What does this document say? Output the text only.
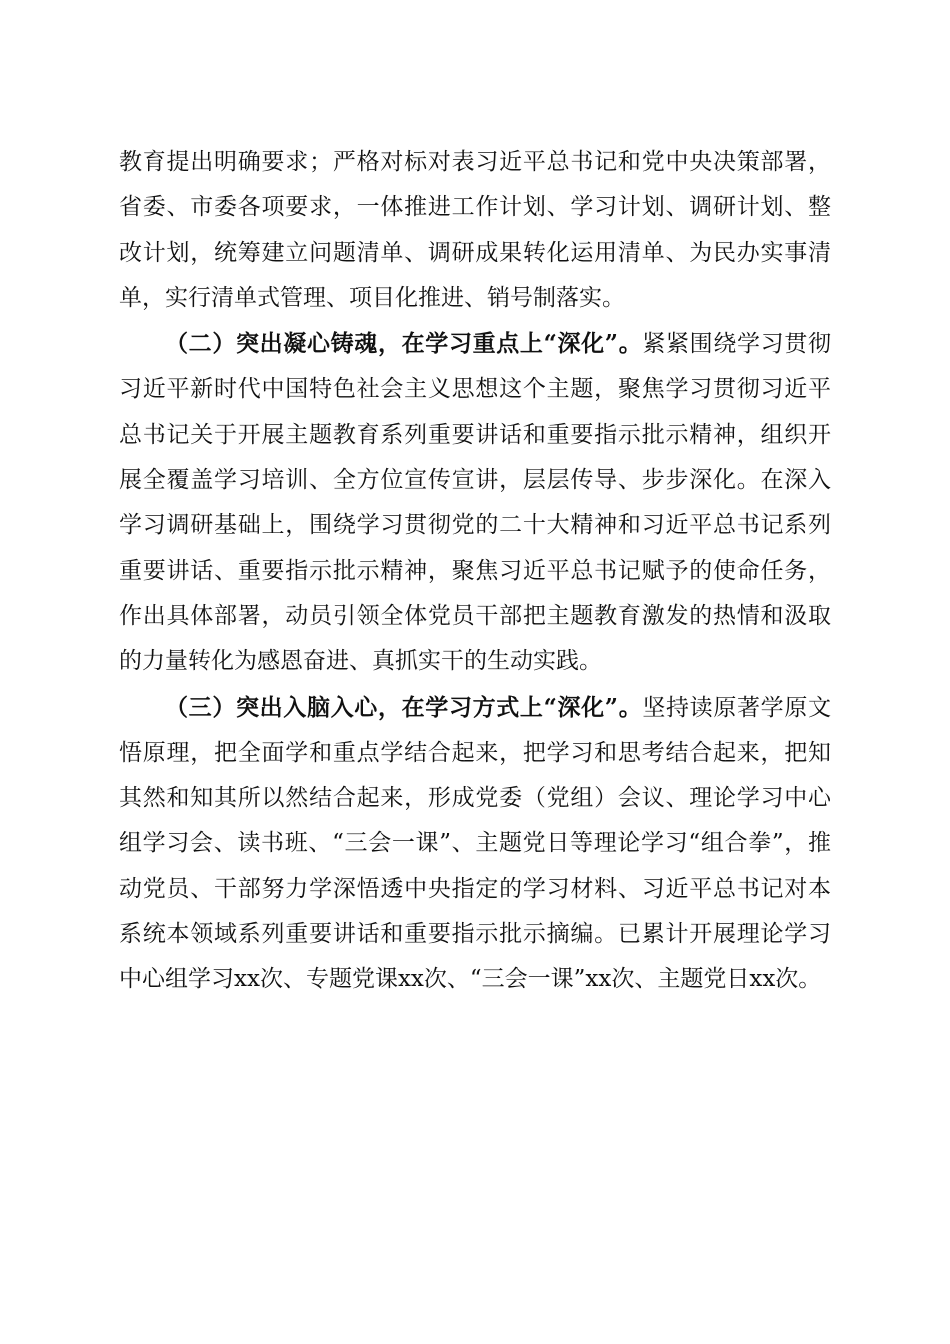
教育提出明确要求；严格对标对表习近平总书记和党中央决策部署，省委、市委各项要求，一体推进工作计划、学习计划、调研计划、整改计划，统筹建立问题清单、调研成果转化运用清单、为民办实事清单，实行清单式管理、项目化推进、销号制落实。

（二）突出凝心铸魂，在学习重点上“深化”。紧紧围绕学习贯彻习近平新时代中国特色社会主义思想这个主题，聚焦学习贯彻习近平总书记关于开展主题教育系列重要讲话和重要指示批示精神，组织开展全覆盖学习培训、全方位宣传宣讲，层层传导、步步深化。在深入学习调研基础上，围绕学习贯彻党的二十大精神和习近平总书记系列重要讲话、重要指示批示精神，聚焦习近平总书记赋予的使命任务，作出具体部署，动员引领全体党员干部把主题教育激发的热情和汲取的力量转化为感恩奋进、真抓实干的生动实践。

（三）突出入脑入心，在学习方式上“深化”。坚持读原著学原文悟原理，把全面学和重点学结合起来，把学习和思考结合起来，把知其然和知其所以然结合起来，形成党委（党组）会议、理论学习中心组学习会、读书班、“三会一课”、主题党日等理论学习“组合拳”，推动党员、干部努力学深悟透中央指定的学习材料、习近平总书记对本系统本领域系列重要讲话和重要指示批示摘编。已累计开展理论学习中心组学习xx次、专题党课xx次、“三会一课”xx次、主题党日xx次。
